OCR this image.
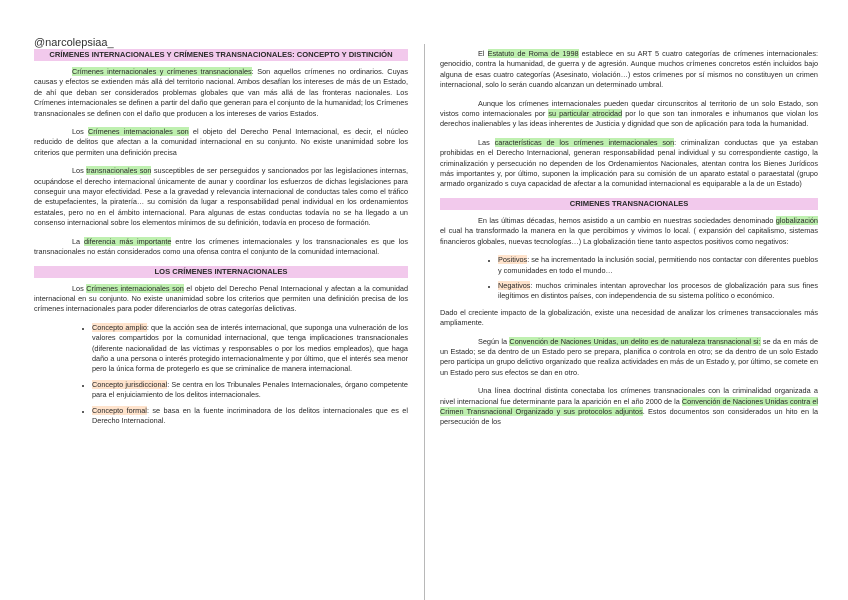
@narcolepsiaa_
CRÍMENES INTERNACIONALES Y CRÍMENES TRANSNACIONALES: CONCEPTO Y DISTINCIÓN

Crímenes internacionales y crímenes transnacionales: Son aquellos crímenes no ordinarios. Cuyas causas y efectos se extienden más allá del territorio nacional. Ambos desafían los intereses de más de un Estado, de ahí que deban ser considerados problemas globales que van más allá de las fronteras nacionales. Los Crímenes internacionales se definen a partir del daño que generan para el conjunto de la humanidad; los Crímenes transnacionales se definen con el daño que producen a los intereses de varios Estados.

Los Crímenes internacionales son el objeto del Derecho Penal Internacional, es decir, el núcleo reducido de delitos que afectan a la comunidad internacional en su conjunto. No existe unanimidad sobre los criterios que permiten una definición precisa

Los transnacionales son susceptibles de ser perseguidos y sancionados por las legislaciones internas, ocupándose el derecho internacional únicamente de aunar y coordinar los esfuerzos de dichas legislaciones para conseguir una mayor efectividad. Pese a la gravedad y relevancia internacional de conductas tales como el tráfico de estupefacientes, la piratería… su comisión da lugar a responsabilidad penal individual en los ordenamientos estatales, pero no en el ámbito internacional. Para algunas de estas conductas todavía no se ha llegado a un consenso internacional sobre los elementos mínimos de su definición, todavía en proceso de formación.

La diferencia más importante entre los crímenes internacionales y los transnacionales es que los transnacionales no están considerados como una ofensa contra el conjunto de la comunidad internacional.

LOS CRÍMENES INTERNACIONALES

Los Crímenes internacionales son el objeto del Derecho Penal Internacional y afectan a la comunidad internacional en su conjunto. No existe unanimidad sobre los criterios que permiten una definición precisa de los crímenes internacionales para poder diferenciarlos de otras categorías delictivas.

• Concepto amplio: que la acción sea de interés internacional, que suponga una vulneración de los valores compartidos por la comunidad internacional, que tenga implicaciones transnacionales (diferente nacionalidad de las víctimas y responsables o por los medios empleados), que haga daño a una persona o interés protegido internacionalmente y por último, que el interés sea menor pero la única forma de protegerlo es que se criminalice de manera internacional.
• Concepto jurisdiccional: Se centra en los Tribunales Penales Internacionales, órgano competente para el enjuiciamiento de los delitos internacionales.
• Concepto formal: se basa en la fuente incriminadora de los delitos internacionales que es el Derecho Internacional.

El Estatuto de Roma de 1998 establece en su ART 5 cuatro categorías de crímenes internacionales: genocidio, contra la humanidad, de guerra y de agresión. Aunque muchos crímenes concretos estén incluidos bajo alguna de esas cuatro categorías (Asesinato, violación…) estos crímenes por sí mismos no constituyen un crimen internacional, solo lo serán cuando alcanzan un determinado umbral.

Aunque los crímenes internacionales pueden quedar circunscritos al territorio de un solo Estado, son vistos como internacionales por su particular atrocidad por lo que son tan inmorales e inhumanos que violan los derechos inalienables y las ideas inherentes de Justicia y dignidad que son de aplicación para toda la humanidad.

Las características de los crímenes internacionales son: criminalizan conductas que ya estaban prohibidas en el Derecho Internacional, generan responsabilidad penal individual y su correspondiente castigo, la criminalización y persecución no dependen de los Ordenamientos Nacionales, atentan contra los Bienes Jurídicos más importantes y, por último, suponen la implicación para su comisión de un aparato estatal o paraestatal (grupo armado organizado s cuya capacidad de afectar a la comunidad internacional es equiparable a la de un Estado)

CRIMENES TRANSNACIONALES

En las últimas décadas, hemos asistido a un cambio en nuestras sociedades denominado globalización el cual ha transformado la manera en la que percibimos y vivimos lo local. ( expansión del capitalismo, sistemas financieros globales, nuevas tecnologías…) La globalización tiene tanto aspectos positivos como negativos:

• Positivos: se ha incrementado la inclusión social, permitiendo nos contactar con diferentes pueblos y comunidades en todo el mundo…
• Negativos: muchos criminales intentan aprovechar los procesos de globalización para sus fines ilegítimos en distintos países, con independencia de su sistema político o económico.

Dado el creciente impacto de la globalización, existe una necesidad de analizar los crímenes transaccionales más ampliamente.

Según la Convención de Naciones Unidas, un delito es de naturaleza transnacional si: se da en más de un Estado; se da dentro de un Estado pero se prepara, planifica o controla en otro; se da dentro de un solo Estado pero participa un grupo delictivo organizado que realiza actividades en más de un Estado y, por último, se comete en un Estado pero sus efectos se dan en otro.

Una línea doctrinal distinta conectaba los crímenes transnacionales con la criminalidad organizada a nivel internacional fue determinante para la aparición en el año 2000 de la Convención de Naciones Unidas contra el Crimen Transnacional Organizado y sus protocolos adjuntos. Estos documentos son considerados un hito en la persecución de los
